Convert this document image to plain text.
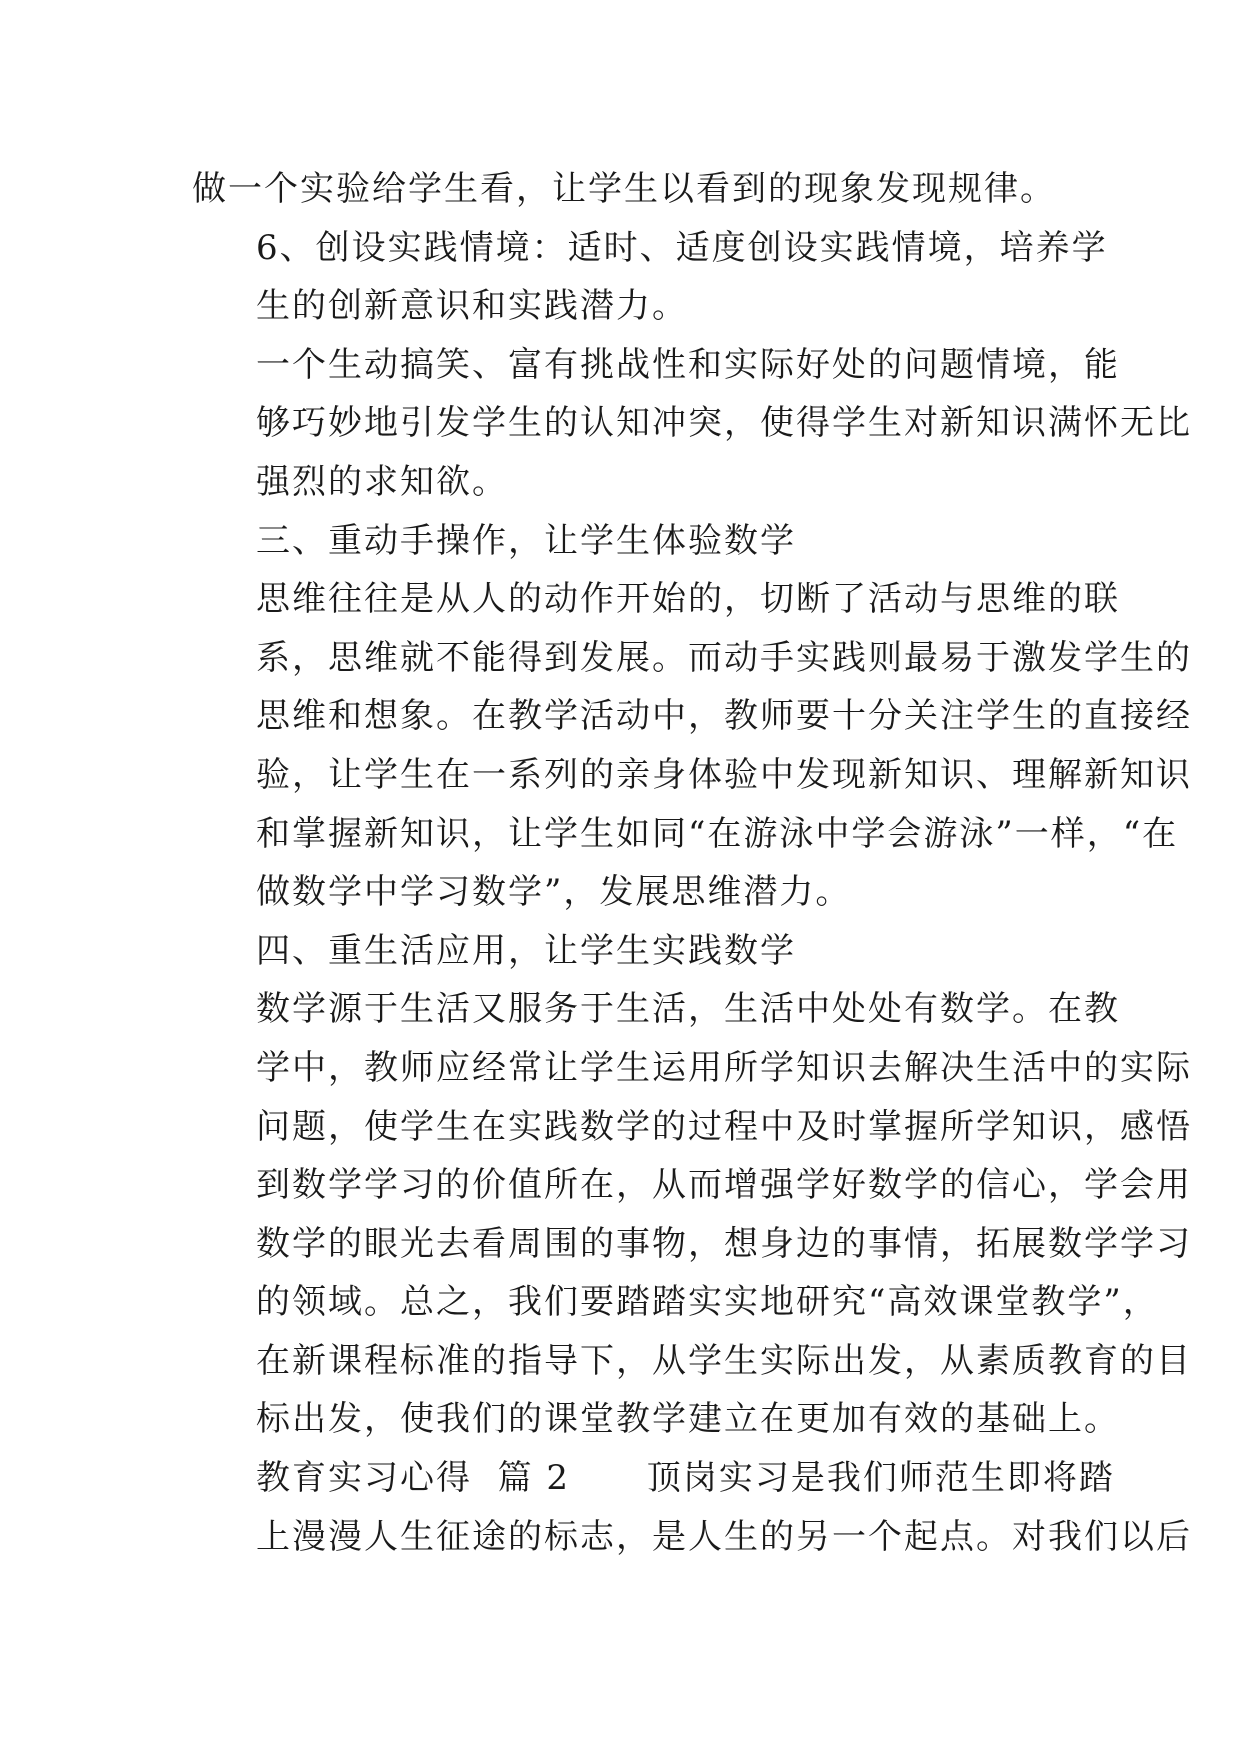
做一个实验给学生看，让学生以看到的现象发现规律。
6、创设实践情境：适时、适度创设实践情境，培养学
生的创新意识和实践潜力。
一个生动搞笑、富有挑战性和实际好处的问题情境，能
够巧妙地引发学生的认知冲突，使得学生对新知识满怀无比
强烈的求知欲。
三、重动手操作，让学生体验数学
思维往往是从人的动作开始的，切断了活动与思维的联
系，思维就不能得到发展。而动手实践则最易于激发学生的
思维和想象。在教学活动中，教师要十分关注学生的直接经
验，让学生在一系列的亲身体验中发现新知识、理解新知识
和掌握新知识，让学生如同“在游泳中学会游泳”一样，“在
做数学中学习数学”，发展思维潜力。
四、重生活应用，让学生实践数学
数学源于生活又服务于生活，生活中处处有数学。在教
学中，教师应经常让学生运用所学知识去解决生活中的实际
问题，使学生在实践数学的过程中及时掌握所学知识，感悟
到数学学习的价值所在，从而增强学好数学的信心，学会用
数学的眼光去看周围的事物，想身边的事情，拓展数学学习
的领域。总之，我们要踏踏实实地研究“高效课堂教学”，
在新课程标准的指导下，从学生实际出发，从素质教育的目
标出发，使我们的课堂教学建立在更加有效的基础上。
教育实习心得  篇 2      顶岗实习是我们师范生即将踏
上漫漫人生征途的标志，是人生的另一个起点。对我们以后
